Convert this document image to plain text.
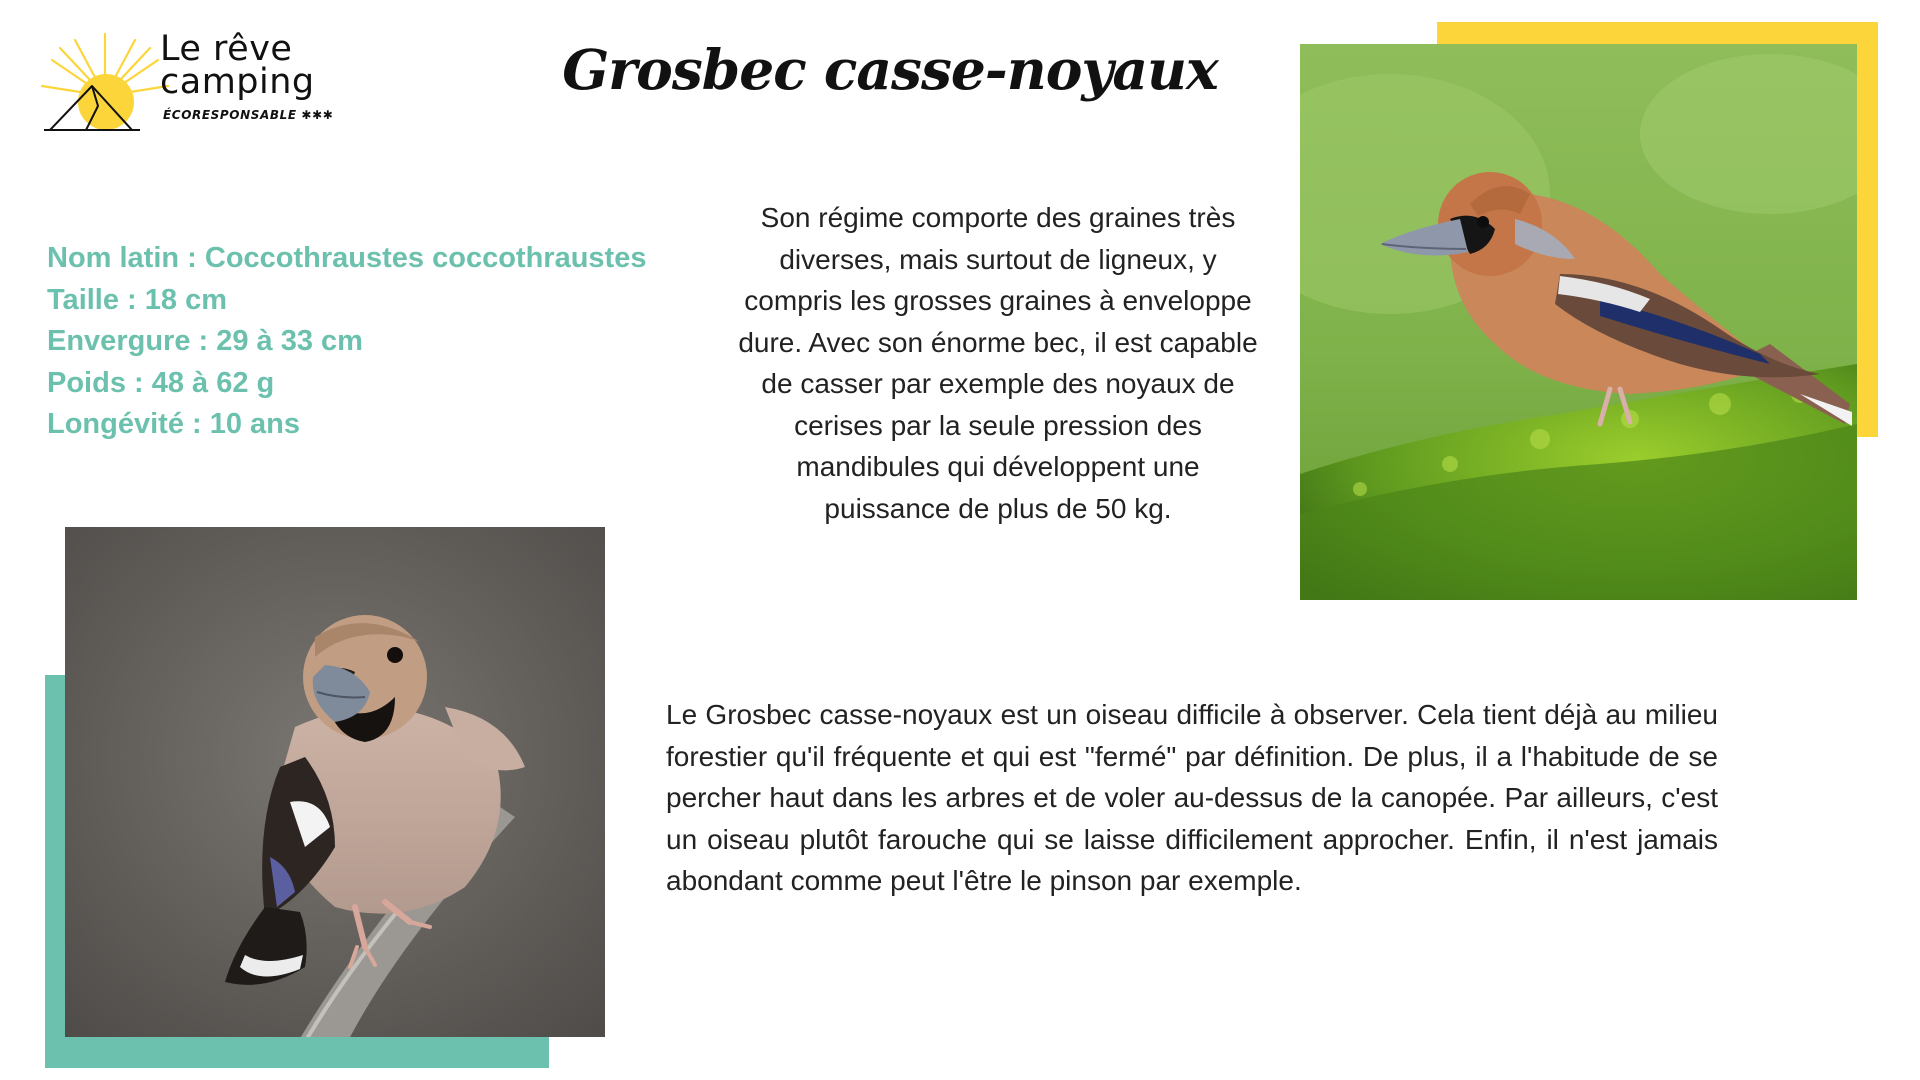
Le rêve
camping
ÉCORESPONSABLE ✱✱✱
Grosbec casse-noyaux
Nom latin : Coccothraustes coccothraustes
Taille : 18 cm
Envergure : 29 à 33 cm
Poids : 48 à 62 g
Longévité : 10 ans
Son régime comporte des graines très diverses, mais surtout de ligneux, y compris les grosses graines à enveloppe dure. Avec son énorme bec, il est capable de casser par exemple des noyaux de cerises par la seule pression des mandibules qui développent une puissance de plus de 50 kg.
Le Grosbec casse-noyaux est un oiseau difficile à observer. Cela tient déjà au milieu forestier qu'il fréquente et qui est "fermé" par définition. De plus, il a l'habitude de se percher haut dans les arbres et de voler au-dessus de la canopée. Par ailleurs, c'est un oiseau plutôt farouche qui se laisse difficilement approcher. Enfin, il n'est jamais abondant comme peut l'être le pinson par exemple.
